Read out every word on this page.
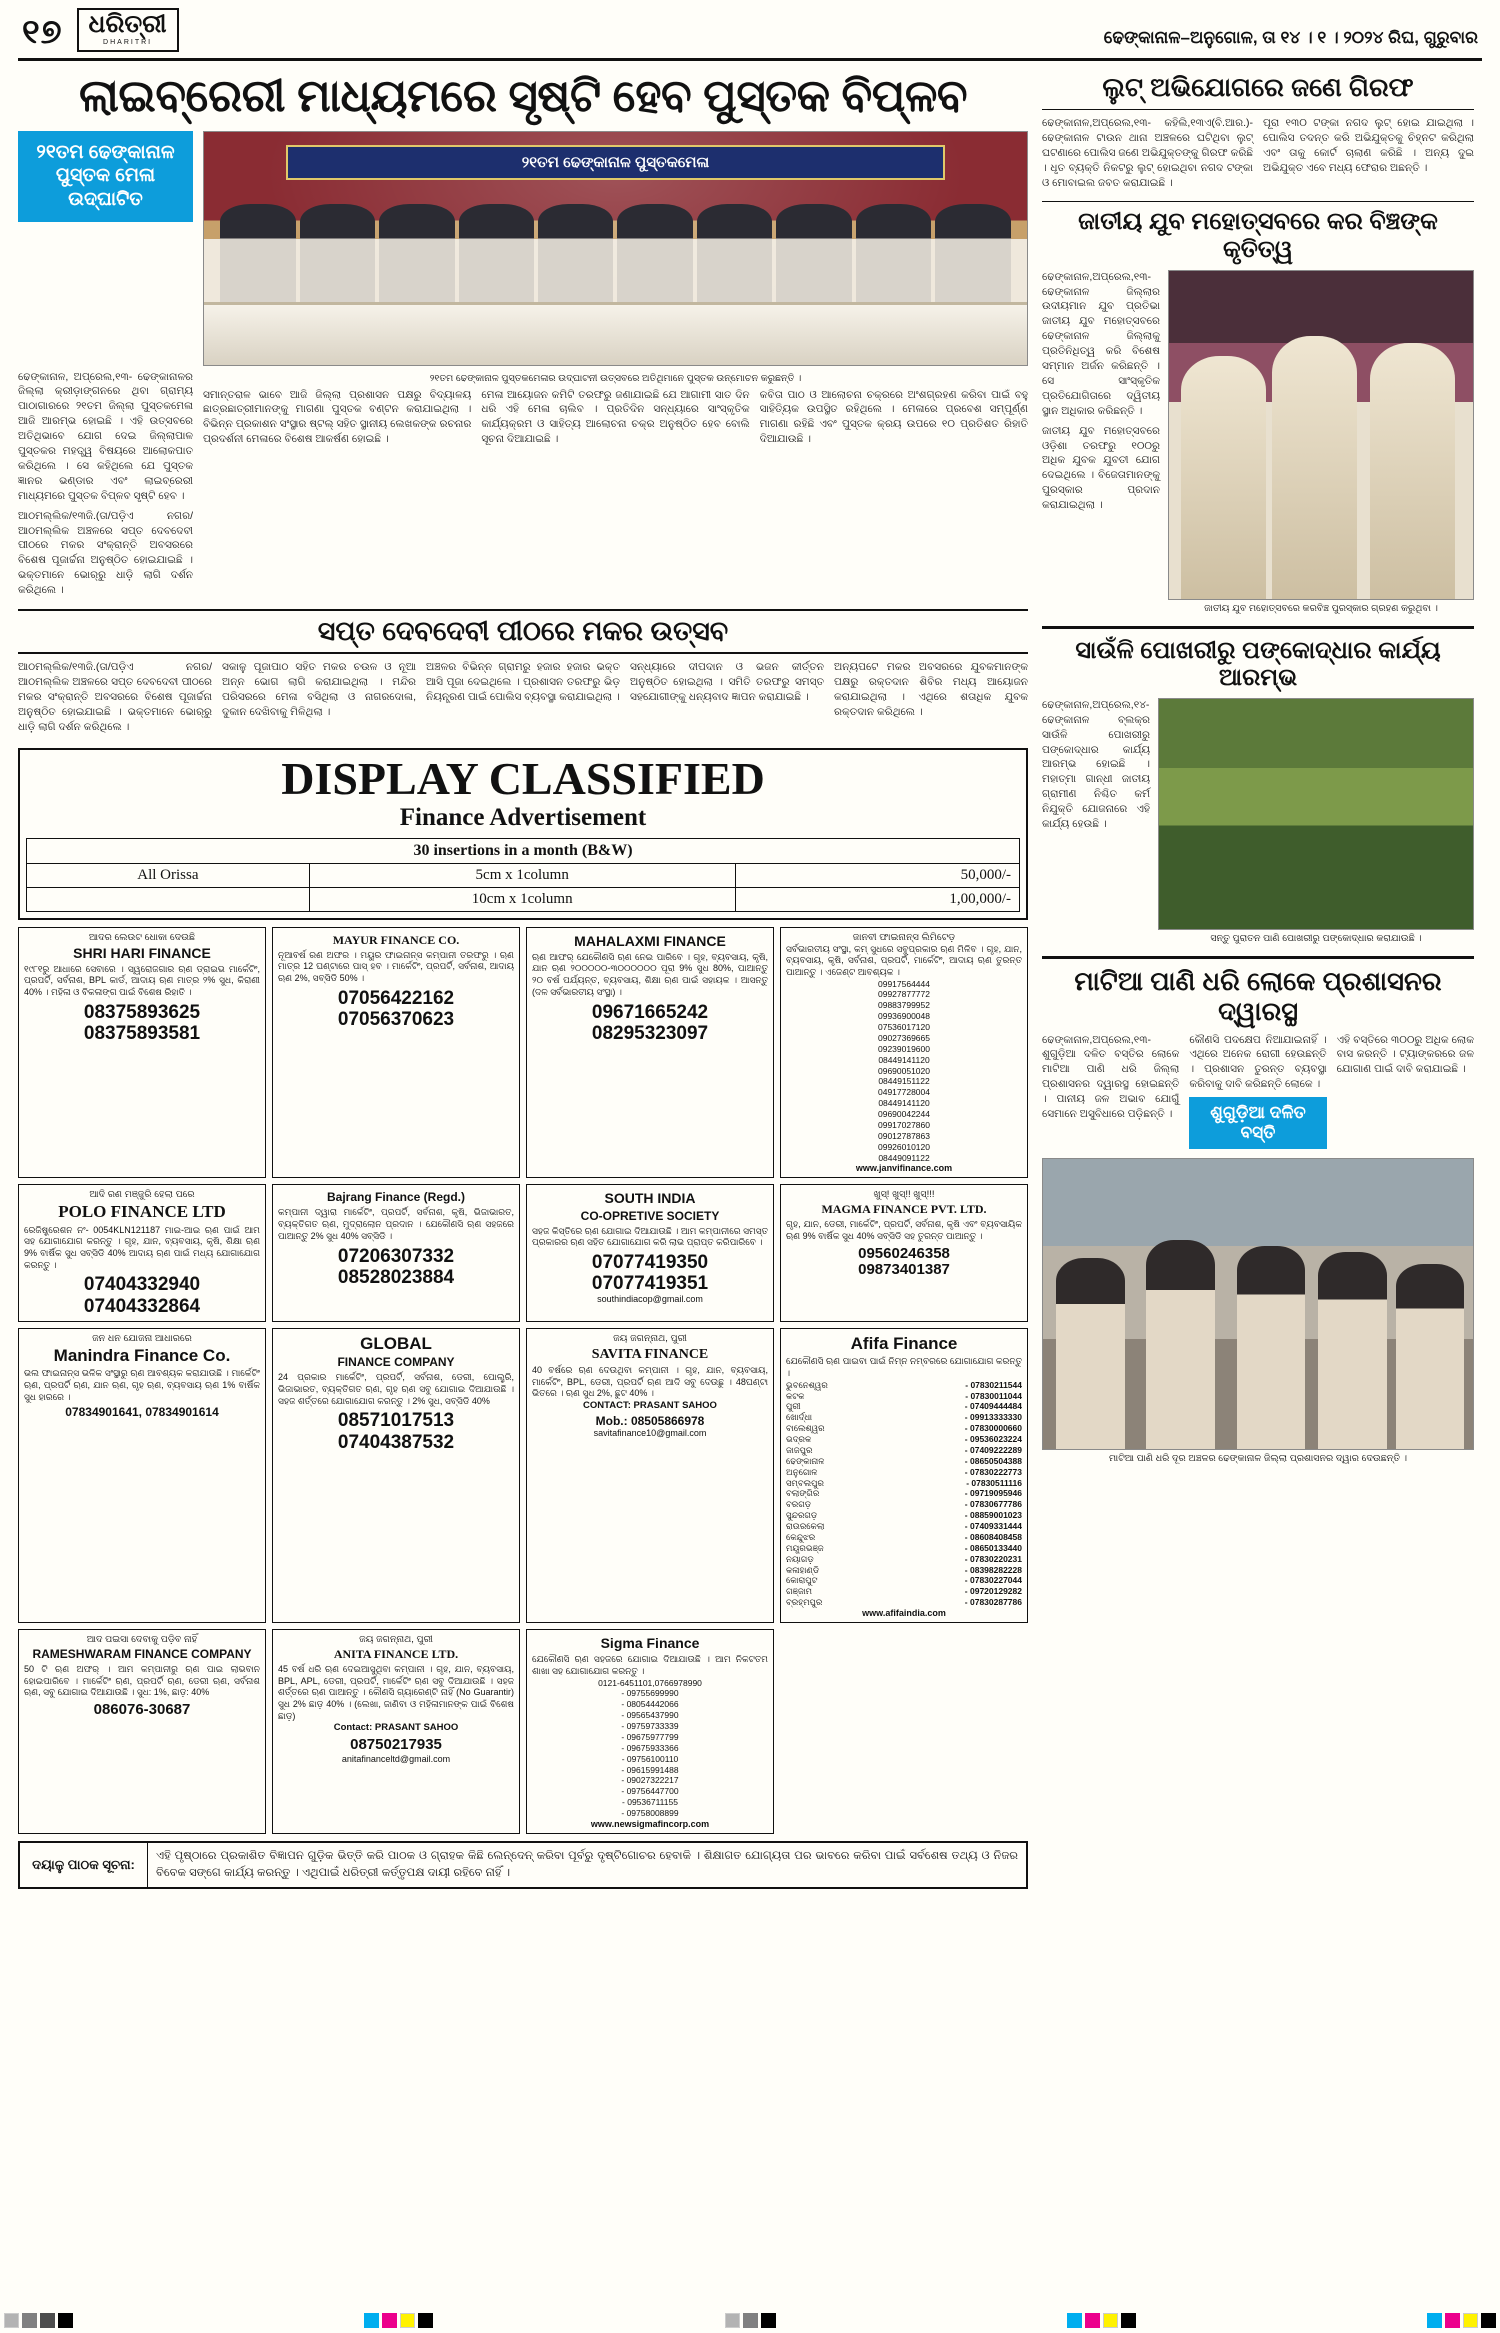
୧୭ ଧରିତ୍ରୀ
DHARITRI	ଢେଙ୍କାନାଳ–ଅନୁଗୋଳ, ତା ୧୪ । ୧ । ୨୦୨୪ ରିଘ, ଗୁରୁବାର
ଲାଇବ୍ରେରୀ ମାଧ୍ୟମରେ ସୃଷ୍ଟି ହେବ ପୁସ୍ତକ ବିପ୍ଳବ
୨୧ତମ ଢେଙ୍କାନାଳ ପୁସ୍ତକ ମେଳା ଉଦ୍‌ଘାଟିତ
୨୧ତମ ଢେଙ୍କାନାଳ ପୁସ୍ତକମେଳା

ଢେଙ୍କାନାଳ, ଅପ୍ରେଲ,୧୩- ଢେଙ୍କାନାଳର ଜିଲ୍ଲା କ୍ରୀଡ଼ାଙ୍ଗନରେ ଥିବା ଗ୍ରାମ୍ୟ ପାଠାଗାରରେ ୨୧ତମ ଜିଲ୍ଲା ପୁସ୍ତକମେଳା ଆଜି ଆରମ୍ଭ ହୋଇଛି । ଏହି ଉତ୍ସବରେ ଅତିଥିଭାବେ ଯୋଗ ଦେଇ ଜିଲ୍ଲାପାଳ ପୁସ୍ତକର ମହତ୍ତ୍ୱ ବିଷୟରେ ଆଲୋକପାତ କରିଥିଲେ । ସେ କହିଥିଲେ ଯେ ପୁସ୍ତକ ଜ୍ଞାନର ଭଣ୍ଡାର ଏବଂ ଲାଇବ୍ରେରୀ ମାଧ୍ୟମରେ ପୁସ୍ତକ ବିପ୍ଳବ ସୃଷ୍ଟି ହେବ ।

ଆଠମଲ୍ଲିକ/୧୩ଜି.(ତା/ପଡ଼ିଏ ନଗର/ ଆଠମଲ୍ଲିକ ଅଞ୍ଚଳରେ ସପ୍ତ ଦେବଦେବୀ ପୀଠରେ ମକର ସଂକ୍ରାନ୍ତି ଅବସରରେ ବିଶେଷ ପୂଜାର୍ଚ୍ଚନା ଅନୁଷ୍ଠିତ ହୋଇଯାଇଛି । ଭକ୍ତମାନେ ଭୋର୍‌ରୁ ଧାଡ଼ି ଲାଗି ଦର୍ଶନ କରିଥିଲେ ।

୨୧ତମ ଢେଙ୍କାନାଳ ପୁସ୍ତକମେଳାର ଉଦ୍‌ଘାଟନୀ ଉତ୍ସବରେ ଅତିଥିମାନେ ପୁସ୍ତକ ଉନ୍ମୋଚନ କରୁଛନ୍ତି ।

ସମାନ୍ତରାଳ ଭାବେ ଆଜି ଜିଲ୍ଲା ପ୍ରଶାସନ ପକ୍ଷରୁ ବିଦ୍ୟାଳୟ ଛାତ୍ରଛାତ୍ରୀମାନଙ୍କୁ ମାଗଣା ପୁସ୍ତକ ବଣ୍ଟନ କରାଯାଇଥିଲା । ବିଭିନ୍ନ ପ୍ରକାଶନ ସଂସ୍ଥାର ଷ୍ଟଲ୍‌ ସହିତ ସ୍ଥାନୀୟ ଲେଖକଙ୍କ ରଚନାର ପ୍ରଦର୍ଶନୀ ମେଳାରେ ବିଶେଷ ଆକର୍ଷଣ ହୋଇଛି ।

ମେଳା ଆୟୋଜନ କମିଟି ତରଫରୁ ଜଣାଯାଇଛି ଯେ ଆଗାମୀ ସାତ ଦିନ ଧରି ଏହି ମେଳା ଚାଲିବ । ପ୍ରତିଦିନ ସନ୍ଧ୍ୟାରେ ସାଂସ୍କୃତିକ କାର୍ଯ୍ୟକ୍ରମ ଓ ସାହିତ୍ୟ ଆଲୋଚନା ଚକ୍ର ଅନୁଷ୍ଠିତ ହେବ ବୋଲି ସୂଚନା ଦିଆଯାଇଛି ।

କବିତା ପାଠ ଓ ଆଲୋଚନା ଚକ୍ରରେ ଅଂଶଗ୍ରହଣ କରିବା ପାଇଁ ବହୁ ସାହିତ୍ୟିକ ଉପସ୍ଥିତ ରହିଥିଲେ । ମେଳାରେ ପ୍ରବେଶ ସମ୍ପୂର୍ଣ୍ଣ ମାଗଣା ରହିଛି ଏବଂ ପୁସ୍ତକ କ୍ରୟ ଉପରେ ୧୦ ପ୍ରତିଶତ ରିହାତି ଦିଆଯାଉଛି ।

ସପ୍ତ ଦେବଦେବୀ ପୀଠରେ ମକର ଉତ୍ସବ

ଆଠମଲ୍ଲିକ/୧୩ଜି.(ତା/ପଡ଼ିଏ ନଗର/ ଆଠମଲ୍ଲିକ ଅଞ୍ଚଳରେ ସପ୍ତ ଦେବଦେବୀ ପୀଠରେ ମକର ସଂକ୍ରାନ୍ତି ଅବସରରେ ବିଶେଷ ପୂଜାର୍ଚ୍ଚନା ଅନୁଷ୍ଠିତ ହୋଇଯାଇଛି । ଭକ୍ତମାନେ ଭୋର୍‌ରୁ ଧାଡ଼ି ଲାଗି ଦର୍ଶନ କରିଥିଲେ ।

ସକାଳୁ ପୂଜାପାଠ ସହିତ ମକର ଚଉଳ ଓ ନୂଆ ଅନ୍ନ ଭୋଗ ଲାଗି କରାଯାଇଥିଲା । ମନ୍ଦିର ପରିସରରେ ମେଳା ବସିଥିଲା ଓ ନାଗରଦୋଳା, ଦୁକାନ ଦେଖିବାକୁ ମିଳିଥିଲା ।

ଅଞ୍ଚଳର ବିଭିନ୍ନ ଗ୍ରାମରୁ ହଜାର ହଜାର ଭକ୍ତ ଆସି ପୂଜା ଦେଇଥିଲେ । ପ୍ରଶାସନ ତରଫରୁ ଭିଡ଼ ନିୟନ୍ତ୍ରଣ ପାଇଁ ପୋଲିସ ବ୍ୟବସ୍ଥା କରାଯାଇଥିଲା ।

ସନ୍ଧ୍ୟାରେ ଦୀପଦାନ ଓ ଭଜନ କୀର୍ତ୍ତନ ଅନୁଷ୍ଠିତ ହୋଇଥିଲା । ସମିତି ତରଫରୁ ସମସ୍ତ ସହଯୋଗୀଙ୍କୁ ଧନ୍ୟବାଦ ଜ୍ଞାପନ କରାଯାଇଛି ।

ଅନ୍ୟପଟେ ମକର ଅବସରରେ ଯୁବକମାନଙ୍କ ପକ୍ଷରୁ ରକ୍ତଦାନ ଶିବିର ମଧ୍ୟ ଆୟୋଜନ କରାଯାଇଥିଲା । ଏଥିରେ ଶତାଧିକ ଯୁବକ ରକ୍ତଦାନ କରିଥିଲେ ।

DISPLAY CLASSIFIED
Finance Advertisement
30 insertions in a month (B&W)		
All Orissa	5cm x 1column	50,000/-
	10cm x 1column	1,00,000/-
ଆଦର ଲେଉଟ ଧୋକା ଦେଉଛି
SHRI HARI FINANCE
୧୯୮୧ରୁ ଆଧାରେ ସେବାରେ । ସ୍ୱରୋଜଗାର ଋଣ ଡ୍ରାଇଭ ମାର୍କେଟିଂ, ପ୍ରପର୍ଟି, ସର୍ବନାଶ, BPL କାର୍ଡ, ଆଦାୟ ଋଣ ମାତ୍ର ୨% ସୁଧ, କିରାଣୀ 40% । ମହିଳା ଓ ବିକଳାଙ୍ଗ ପାଇଁ ବିଶେଷ ରିହାତି ।
08375893625
08375893581
MAYUR FINANCE CO.
ନୂଆବର୍ଷ ରଣ ଅଫର । ମୟୁର ଫାଇନାନ୍ସ କମ୍ପାନୀ ତରଫରୁ । ଋଣ ମାତ୍ର 12 ଘଣ୍ଟାରେ ପାସ୍‌ ହବ । ମାର୍କେଟିଂ, ପ୍ରପର୍ଟି, ସର୍ବନାଶ, ଆଦାୟ ଋଣ 2%, ସବ୍‌ସିଡି 50% ।
07056422162
07056370623
MAHALAXMI FINANCE
ଋଣ ଆଫର୍‌ ଯେକୌଣସି ଋଣ ନେଇ ପାରିବେ । ଗୃହ, ବ୍ୟବସାୟ, କୃଷି, ଯାନ ଋଣ ୨୦୦୦୦୦-୩୦୦୦୦୦୦ ପୂରା 9% ସୁଧ 80%, ପାଆନ୍ତୁ ୨୦ ବର୍ଷ ପର୍ଯ୍ୟନ୍ତ, ବ୍ୟବସାୟ, ଶିକ୍ଷା ଋଣ ପାଇଁ ସହାୟକ । ଆସନ୍ତୁ (ଦଳ ସର୍ବଭାରତୀୟ ସଂସ୍ଥା) ।
09671665242
08295323097
ଜାନବୀ ଫାଇନାନ୍ସ ଲିମିଟେଡ଼
ସର୍ବଭାରତୀୟ ସଂସ୍ଥା, କମ୍‌ ସୁଧରେ ସବୁପ୍ରକାର ଋଣ ମିଳିବ । ଗୃହ, ଯାନ, ବ୍ୟବସାୟ, କୃଷି, ସର୍ବନାଶ, ପ୍ରପର୍ଟି, ମାର୍କେଟିଂ, ଆଦାୟ ଋଣ ତୁରନ୍ତ ପାଆନ୍ତୁ । ଏଜେଣ୍ଟ ଆବଶ୍ୟକ ।
09917564444
09927877772
09883799952
09936900048
07536017120
09027369665
09239019600
08449141120
09690051020
08449151122
04917728004
08449141120
09690042244
09917027860
09012787863
09926010120
08449091122
www.janvifinance.com
ଆଦି ରଣ ମଞ୍ଜୁରି ହେଲା ପରେ
POLO FINANCE LTD
ରେଜିଷ୍ଟ୍ରେଶନ ନଂ- 0054KLN121187 ମାଇ-ଆଇ ଋଣ ପାଇଁ ଆମ ସହ ଯୋଗାଯୋଗ କରନ୍ତୁ । ଗୃହ, ଯାନ, ବ୍ୟବସାୟ, କୃଷି, ଶିକ୍ଷା ଋଣ 9% ବାର୍ଷିକ ସୁଧ ସବ୍‌ସିଡି 40% ଆଦାୟ ଋଣ ପାଇଁ ମଧ୍ୟ ଯୋଗାଯୋଗ କରନ୍ତୁ ।
07404332940
07404332864
Bajrang Finance (Regd.)
କମ୍ପାନୀ ଦ୍ୱାରା ମାର୍କେଟିଂ, ପ୍ରପର୍ଟି, ସର୍ବନାଶ, କୃଷି, ଭିଜାଭାରତ, ବ୍ୟକ୍ତିଗତ ଋଣ, ମୁଦ୍ରାଲୋନ ପ୍ରଦାନ । ଯେକୌଣସି ଋଣ ସହଜରେ ପାଆନ୍ତୁ 2% ସୁଧ 40% ସବ୍‌ସିଡି ।
07206307332
08528023884
SOUTH INDIA
CO-OPRETIVE SOCIETY
ସହଜ କିସ୍ତିରେ ଋଣ ଯୋଗାଇ ଦିଆଯାଉଛି । ଆମ କମ୍ପାନୀରେ ସମସ୍ତ ପ୍ରକାରର ଋଣ ସହିତ ଯୋଗାଯୋଗ କରି ଲାଭ ପ୍ରାପ୍ତ କରିପାରିବେ ।
07077419350
07077419351
southindiacop@gmail.com
ଖୁସ୍‌! ଖୁସ୍‌!! ଖୁସ୍‌!!!
MAGMA FINANCE PVT. LTD.
ଗୃହ, ଯାନ, ଡେରୀ, ମାର୍କେଟିଂ, ପ୍ରପର୍ଟି, ସର୍ବନାଶ, କୃଷି ଏବଂ ବ୍ୟବସାୟିକ ଋଣ 9% ବାର୍ଷିକ ସୁଧ 40% ସବ୍‌ସିଡି ସହ ତୁରନ୍ତ ପାଆନ୍ତୁ ।
09560246358
09873401387
ଜନ ଧନ ଯୋଜନା ଆଧାରରେ
Manindra Finance Co.
ଭଲ ଫାଇନାନ୍ସ ଭଳିକ ସଂସ୍ଥାରୁ ଋଣ ଆବଶ୍ୟକ କରାଯାଉଛି । ମାର୍କେଟିଂ ଋଣ, ପ୍ରପର୍ଟି ଋଣ, ଯାନ ଋଣ, ଗୃହ ଋଣ, ବ୍ୟବସାୟ ଋଣ 1% ବାର୍ଷିକ ସୁଧ ହାରରେ ।
07834901641, 07834901614
GLOBAL
FINANCE COMPANY
24 ପ୍ରକାର ମାର୍କେଟିଂ, ପ୍ରପର୍ଟି, ସର୍ବନାଶ, ଡେରୀ, ପୋଲ୍ଟ୍ରି, ଭିଜାଭାରତ, ବ୍ୟକ୍ତିଗତ ଋଣ, ଗୃହ ଋଣ ସବୁ ଯୋଗାଇ ଦିଆଯାଉଛି । ସହଜ ଶର୍ତ୍ତରେ ଯୋଗାଯୋଗ କରନ୍ତୁ । 2% ସୁଧ, ସବ୍‌ସିଡି 40%
08571017513
07404387532
ଜୟ ଜଗନ୍ନାଥ, ପୁରୀ
SAVITA FINANCE
40 ବର୍ଷରେ ଋଣ ଦେଉଥିବା କମ୍ପାନୀ । ଗୃହ, ଯାନ, ବ୍ୟବସାୟ, ମାର୍କେଟିଂ, BPL, ଡେରୀ, ପ୍ରପର୍ଟି ଋଣ ଆଦି ସବୁ ଦେଉଛୁ । 48ଘଣ୍ଟା ଭିତରେ । ଋଣ ସୁଧ 2%, ଛୁଟ 40% ।
CONTACT: PRASANT SAHOO
Mob.: 08505866978
savitafinance10@gmail.com
Afifa Finance
ଯେକୌଣସି ଋଣ ପାଇବା ପାଇଁ ନିମ୍ନ ନମ୍ବରରେ ଯୋଗାଯୋଗ କରନ୍ତୁ ।
ଭୁବନେଶ୍ୱର	- 07830211544
କଟକ	- 07830011044
ପୁରୀ	- 07409444484
ଖୋର୍ଦ୍ଧା	- 09913333330
ବାଲେଶ୍ୱର	- 07830000660
ଭଦ୍ରକ	- 09536023224
ଜାଜପୁର	- 07409222289
ଢେଙ୍କାନାଳ	- 08650504388
ଅନୁଗୋଳ	- 07830222773
ସମ୍ବଲପୁର	- 07830511116
ବଲାଙ୍ଗିର	- 09719095946
ବରଗଡ଼	- 07830677786
ସୁନ୍ଦରଗଡ଼	- 08859001023
ରାଉରକେଲା	- 07409331444
କେନ୍ଦୁଝର	- 08608408458
ମୟୂରଭଞ୍ଜ	- 08650133440
ନୟାଗଡ଼	- 07830220231
କଳାହାଣ୍ଡି	- 08398282228
କୋରାପୁଟ	- 07830227044
ଗଞ୍ଜାମ	- 09720129282
ବ୍ରହ୍ମପୁର	- 07830287786
www.afifaindia.com
ଆଦ ପଇସା ଦେବାକୁ ପଡ଼ିବ ନାହିଁ
RAMESHWARAM FINANCE COMPANY
50 ଟି ଋଣ ଅଫର୍‌ । ଆମ କମ୍ପାନୀରୁ ଋଣ ପାଇ ଲାଭବାନ ହୋଇପାରିବେ । ମାର୍କେଟିଂ ଋଣ, ପ୍ରପର୍ଟି ଋଣ, ଡେରୀ ଋଣ, ସର୍ବନାଶ ଋଣ, ସବୁ ଯୋଗାଇ ଦିଆଯାଉଛି । ସୁଧ: 1%, ଛାଡ଼: 40%
086076-30687
ଜୟ ଜଗନ୍ନାଥ, ପୁରୀ
ANITA FINANCE LTD.
45 ବର୍ଷ ଧରି ଋଣ ଦେଇଆସୁଥିବା କମ୍ପାନୀ । ଗୃହ, ଯାନ, ବ୍ୟବସାୟ, BPL, APL, ଡେରୀ, ପ୍ରପର୍ଟି, ମାର୍କେଟିଂ ଋଣ ସବୁ ଦିଆଯାଉଛି । ସହଜ ଶର୍ତ୍ତରେ ଋଣ ପାଆନ୍ତୁ । କୌଣସି ଗ୍ୟାରେଣ୍ଟି ନାହିଁ (No Guarantir) ସୁଧ 2% ଛାଡ଼ 40% । (ଲେଖା, ଜାଣିବା ଓ ମହିଳାମାନଙ୍କ ପାଇଁ ବିଶେଷ ଛାଡ଼)
Contact: PRASANT SAHOO
08750217935
anitafinanceltd@gmail.com
Sigma Finance
ଯେକୌଣସି ଋଣ ସହଜରେ ଯୋଗାଇ ଦିଆଯାଉଛି । ଆମ ନିକଟତମ ଶାଖା ସହ ଯୋଗାଯୋଗ କରନ୍ତୁ ।
0121-6451101,0766978990
- 09755699990
- 08054442066
- 09565437990
- 09759733339
- 09675977799
- 09675933366
- 09756100110
- 09615991488
- 09027322217
- 09756447700
- 09536711155
- 09758008899
www.newsigmafincorp.com
ଦୟାଳୁ ପାଠକ ସୂଚନା:
ଏହି ପୃଷ୍ଠାରେ ପ୍ରକାଶିତ ବିଜ୍ଞାପନ ଗୁଡ଼ିକ ଭିତ୍ତି କରି ପାଠକ ଓ ଗ୍ରାହକ କିଛି ଲେନ୍‌ଦେନ୍‌ କରିବା ପୂର୍ବରୁ ଦୃଷ୍ଟିଗୋଚର ହେବାକି । ଶିକ୍ଷାଗତ ଯୋଗ୍ୟତା ପର ଭାବରେ କରିବା ପାଇଁ ସର୍ବଶେଷ ତଥ୍ୟ ଓ ନିଜର ବିବେକ ସଙ୍ଗେ କାର୍ଯ୍ୟ କରନ୍ତୁ । ଏଥିପାଇଁ ଧରିତ୍ରୀ କର୍ତ୍ତୃପକ୍ଷ ଦାୟୀ ରହିବେ ନାହିଁ ।
ଲୁଟ୍ ଅଭିଯୋଗରେ ଜଣେ ଗିରଫ

ଢେଙ୍କାନାଳ,ଅପ୍ରେଲ,୧୩- କହିଲି,୧୩ଏ(ବି.ଆର.)- ଢେଙ୍କାନାଳ ଟାଉନ ଥାନା ଅଞ୍ଚଳରେ ଘଟିଥିବା ଲୁଟ୍‌ ଘଟଣାରେ ପୋଲିସ ଜଣେ ଅଭିଯୁକ୍ତଙ୍କୁ ଗିରଫ କରିଛି । ଧୃତ ବ୍ୟକ୍ତି ନିକଟରୁ ଲୁଟ୍‌ ହୋଇଥିବା ନଗଦ ଟଙ୍କା ଓ ମୋବାଇଲ ଜବତ କରାଯାଇଛି ।

ପୂରା ୧୩୦ ଟଙ୍କା ନଗଦ ଲୁଟ୍‌ ହୋଇ ଯାଇଥିଲା । ପୋଲିସ ତଦନ୍ତ କରି ଅଭିଯୁକ୍ତକୁ ଚିହ୍ନଟ କରିଥିଲା ଏବଂ ତାକୁ କୋର୍ଟ ଚାଲାଣ କରିଛି । ଅନ୍ୟ ଦୁଇ ଅଭିଯୁକ୍ତ ଏବେ ମଧ୍ୟ ଫେରାର ଅଛନ୍ତି ।

ଜାତୀୟ ଯୁବ ମହୋତ୍ସବରେ କର ବିଞ୍ଚଙ୍କ କୃତିତ୍ୱ

ଢେଙ୍କାନାଳ,ଅପ୍ରେଲ,୧୩- ଢେଙ୍କାନାଳ ଜିଲ୍ଲାର ଉଦୀୟମାନ ଯୁବ ପ୍ରତିଭା ଜାତୀୟ ଯୁବ ମହୋତ୍ସବରେ ଢେଙ୍କାନାଳ ଜିଲ୍ଲାକୁ ପ୍ରତିନିଧିତ୍ୱ କରି ବିଶେଷ ସମ୍ମାନ ଅର୍ଜନ କରିଛନ୍ତି । ସେ ସାଂସ୍କୃତିକ ପ୍ରତିଯୋଗିତାରେ ଦ୍ୱିତୀୟ ସ୍ଥାନ ଅଧିକାର କରିଛନ୍ତି ।

ଜାତୀୟ ଯୁବ ମହୋତ୍ସବରେ ଓଡ଼ିଶା ତରଫରୁ ୧୦୦ରୁ ଅଧିକ ଯୁବକ ଯୁବତୀ ଯୋଗ ଦେଇଥିଲେ । ବିଜେତାମାନଙ୍କୁ ପୁରସ୍କାର ପ୍ରଦାନ କରାଯାଇଥିଲା ।

ଜାତୀୟ ଯୁବ ମହୋତ୍ସବରେ କରବିଞ୍ଚ ପୁରସ୍କାର ଗ୍ରହଣ କରୁଥିବା ।
ସାଉଁଳି ପୋଖରୀରୁ ପଙ୍କୋଦ୍ଧାର କାର୍ଯ୍ୟ ଆରମ୍ଭ

ଢେଙ୍କାନାଳ,ଅପ୍ରେଲ,୧୪-ଢେଙ୍କାନାଳ ବ୍ଲକ୍‌ର ସାଉଁଳି ପୋଖରୀରୁ ପଙ୍କୋଦ୍ଧାର କାର୍ଯ୍ୟ ଆରମ୍ଭ ହୋଇଛି । ମହାତ୍ମା ଗାନ୍ଧୀ ଜାତୀୟ ଗ୍ରାମୀଣ ନିଶ୍ଚିତ କର୍ମ ନିଯୁକ୍ତି ଯୋଜନାରେ ଏହି କାର୍ଯ୍ୟ ହେଉଛି ।

ସନ୍ତୁ ପୁରାତନ ପାଣି ପୋଖରୀରୁ ପଙ୍କୋଦ୍ଧାର କରାଯାଉଛି ।
ମାଟିଆ ପାଣି ଧରି ଲୋକେ ପ୍ରଶାସନର ଦ୍ୱାରସ୍ଥ

ଢେଙ୍କାନାଳ,ଅପ୍ରେଲ,୧୩- ଶୁଗୁଡ଼ିଆ ଦଳିତ ବସ୍ତିର ଲୋକେ ମାଟିଆ ପାଣି ଧରି ଜିଲ୍ଲା ପ୍ରଶାସନର ଦ୍ୱାରସ୍ଥ ହୋଇଛନ୍ତି । ପାନୀୟ ଜଳ ଅଭାବ ଯୋଗୁଁ ସେମାନେ ଅସୁବିଧାରେ ପଡ଼ିଛନ୍ତି ।

କୌଣସି ପଦକ୍ଷେପ ନିଆଯାଇନାହିଁ । ଏଥିରେ ଅନେକ ରୋଗୀ ହେଉଛନ୍ତି । ପ୍ରଶାସନ ତୁରନ୍ତ ବ୍ୟବସ୍ଥା କରିବାକୁ ଦାବି କରିଛନ୍ତି ଲୋକେ ।

ଶୁଗୁଡ଼ିଆ ଦଳିତ ବସ୍ତି

ଏହି ବସ୍ତିରେ ୩୦୦ରୁ ଅଧିକ ଲୋକ ବାସ କରନ୍ତି । ଟ୍ୟାଙ୍କରରେ ଜଳ ଯୋଗାଣ ପାଇଁ ଦାବି କରାଯାଇଛି ।

ମାଟିଆ ପାଣି ଧରି ଦୂର ଅଞ୍ଚଳର ଢେଙ୍କାନାଳ ଜିଲ୍ଲା ପ୍ରଶାସନର ଦ୍ୱାର ଦେଉଛନ୍ତି ।
